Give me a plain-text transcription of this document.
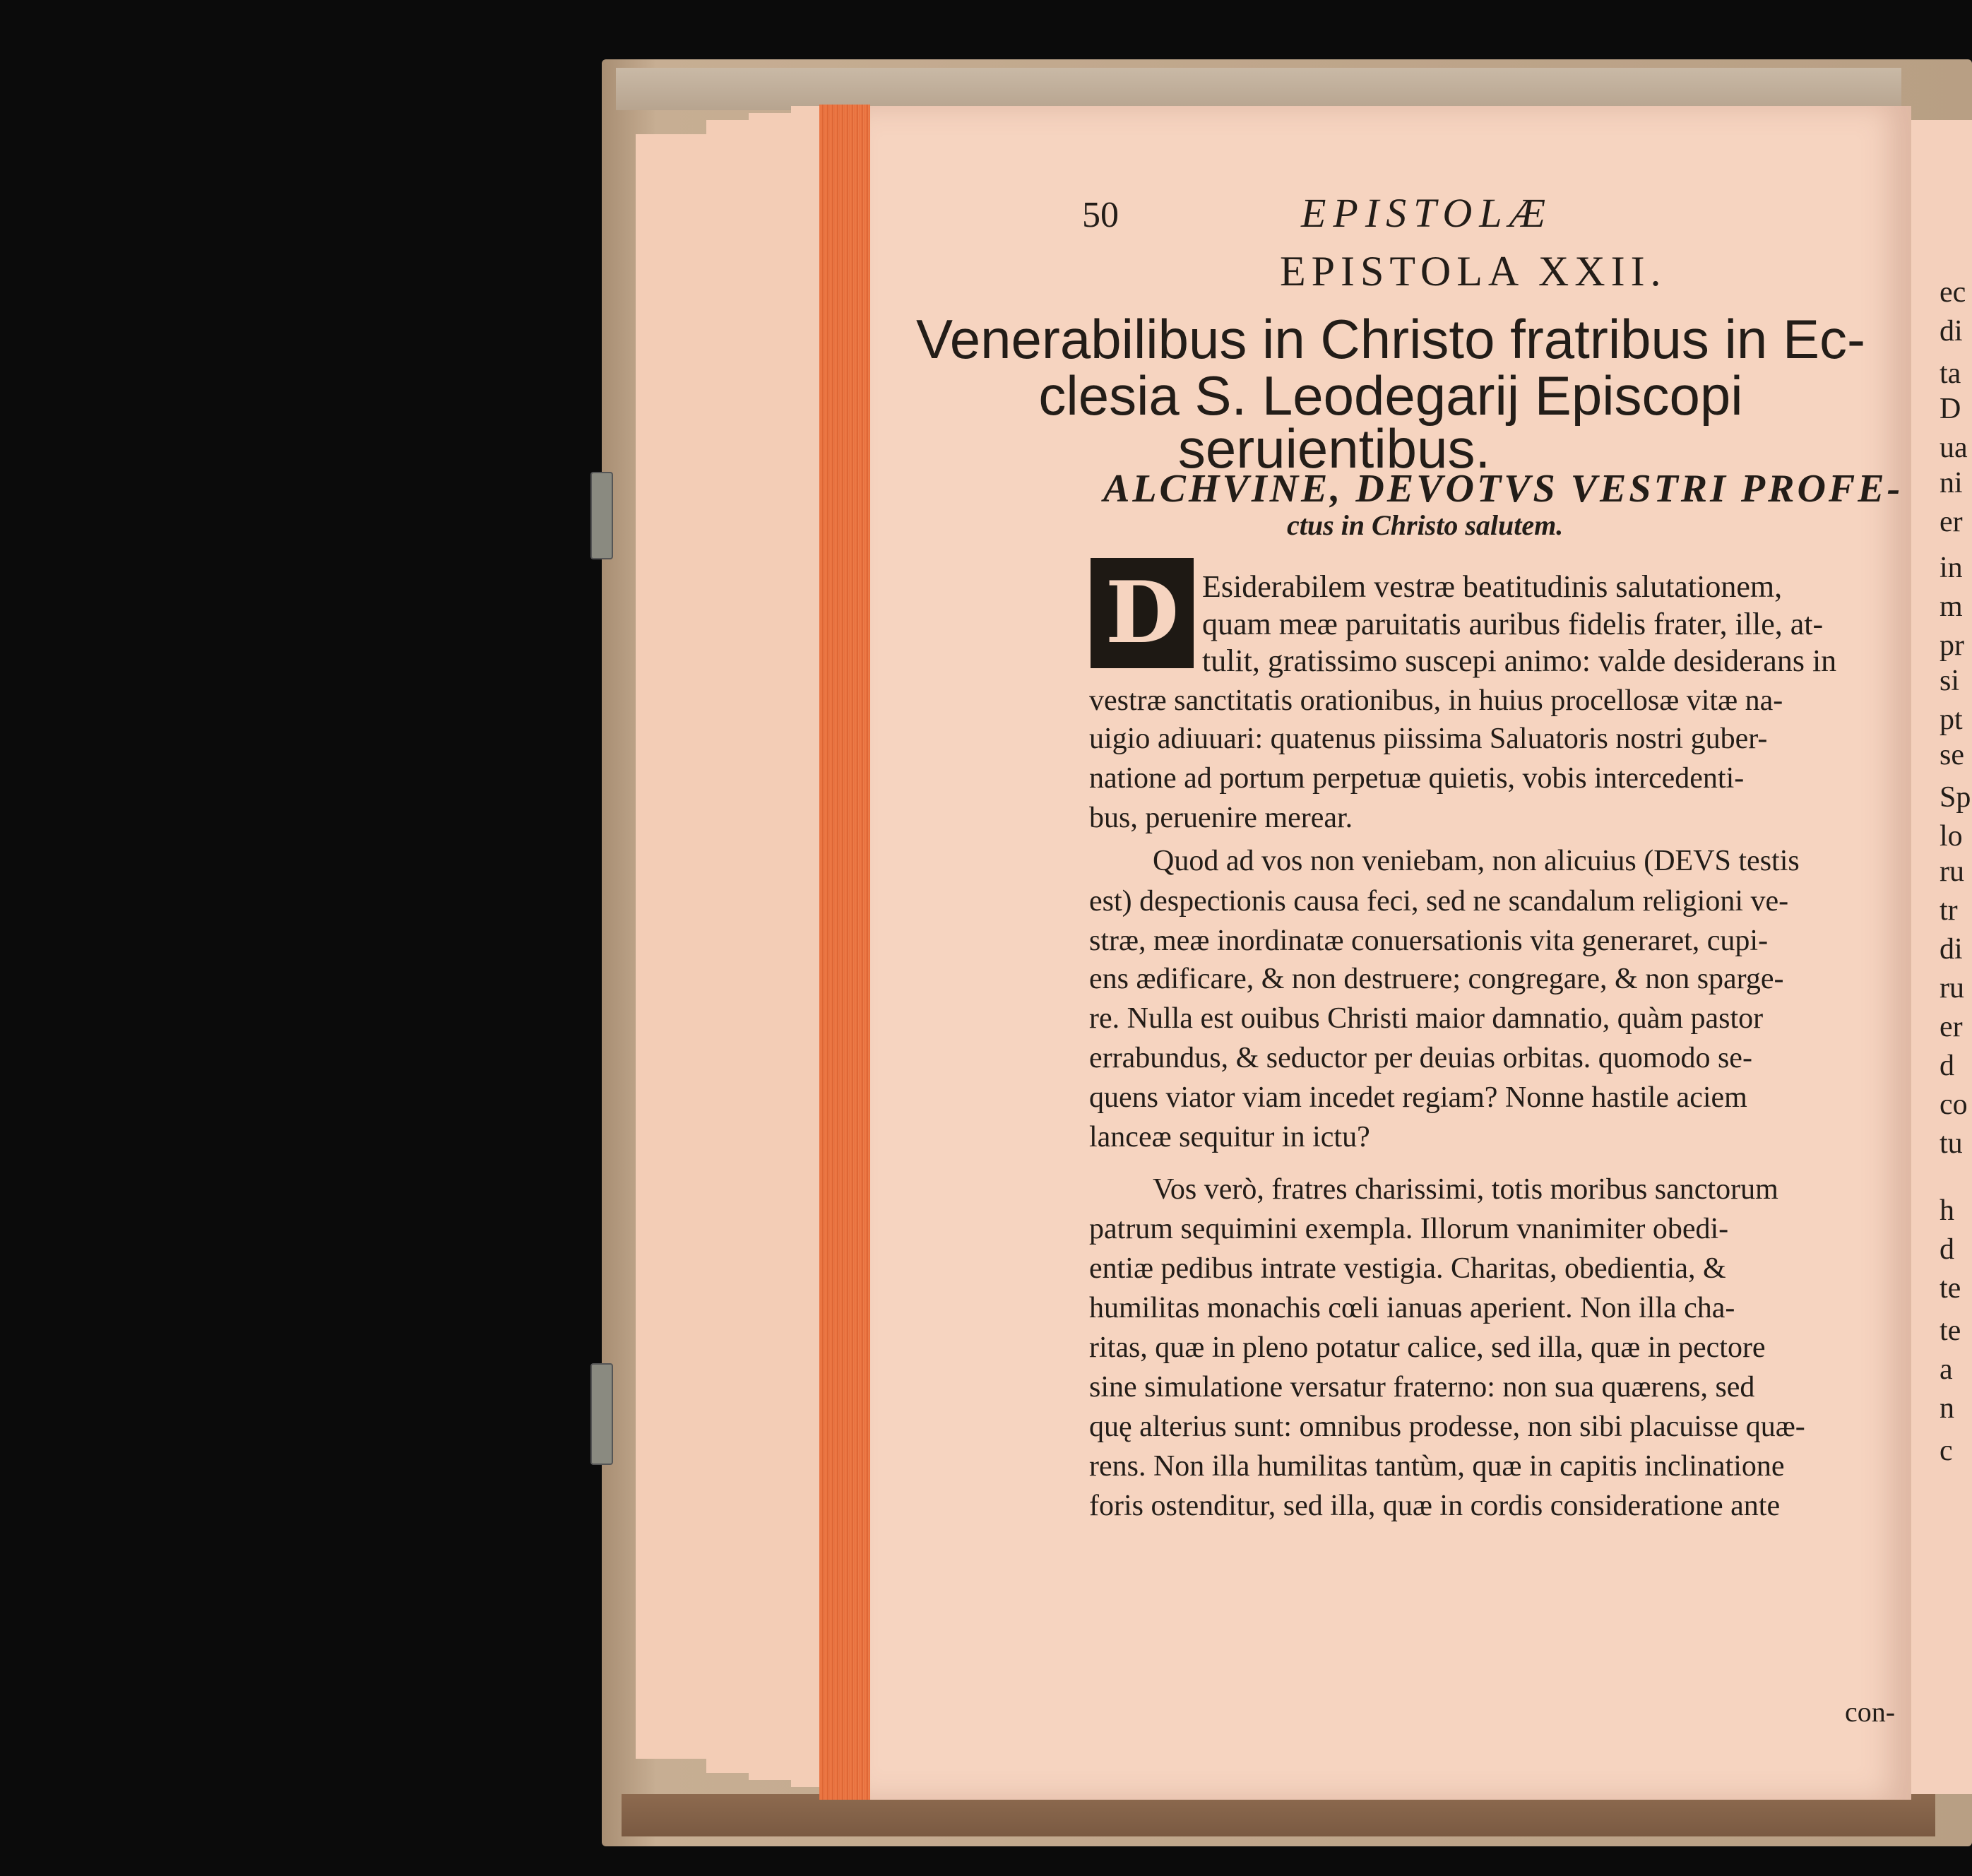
ec
di
ta
D
ua
ni
er
in
m
pr
si
pt
se
Sp
lo
ru
tr
di
ru
er
d
co
tu
h
d
te
te
a
n
c
50	EPISTOLÆ
EPISTOLA XXII.
Venerabilibus in Christo fratribus in Ec-
clesia S. Leodegarij Episcopi
seruientibus.
ALCHVINE, DEVOTVS VESTRI PROFE-
ctus in Christo salutem.
D Esiderabilem vestræ beatitudinis salutationem,
quam meæ paruitatis auribus fidelis frater, ille, at-
tulit, gratissimo suscepi animo: valde desiderans in
vestræ sanctitatis orationibus, in huius procellosæ vitæ na-
uigio adiuuari: quatenus piissima Saluatoris nostri guber-
natione ad portum perpetuæ quietis, vobis intercedenti-
bus, peruenire merear.
Quod ad vos non veniebam, non alicuius (DEVS testis
est) despectionis causa feci, sed ne scandalum religioni ve-
stræ, meæ inordinatæ conuersationis vita generaret, cupi-
ens ædificare, & non destruere; congregare, & non sparge-
re. Nulla est ouibus Christi maior damnatio, quàm pastor
errabundus, & seductor per deuias orbitas. quomodo se-
quens viator viam incedet regiam? Nonne hastile aciem
lanceæ sequitur in ictu?
Vos verò, fratres charissimi, totis moribus sanctorum
patrum sequimini exempla. Illorum vnanimiter obedi-
entiæ pedibus intrate vestigia. Charitas, obedientia, &
humilitas monachis cœli ianuas aperient. Non illa cha-
ritas, quæ in pleno potatur calice, sed illa, quæ in pectore
sine simulatione versatur fraterno: non sua quærens, sed
quę alterius sunt: omnibus prodesse, non sibi placuisse quæ-
rens. Non illa humilitas tantùm, quæ in capitis inclinatione
foris ostenditur, sed illa, quæ in cordis consideratione ante
con-
